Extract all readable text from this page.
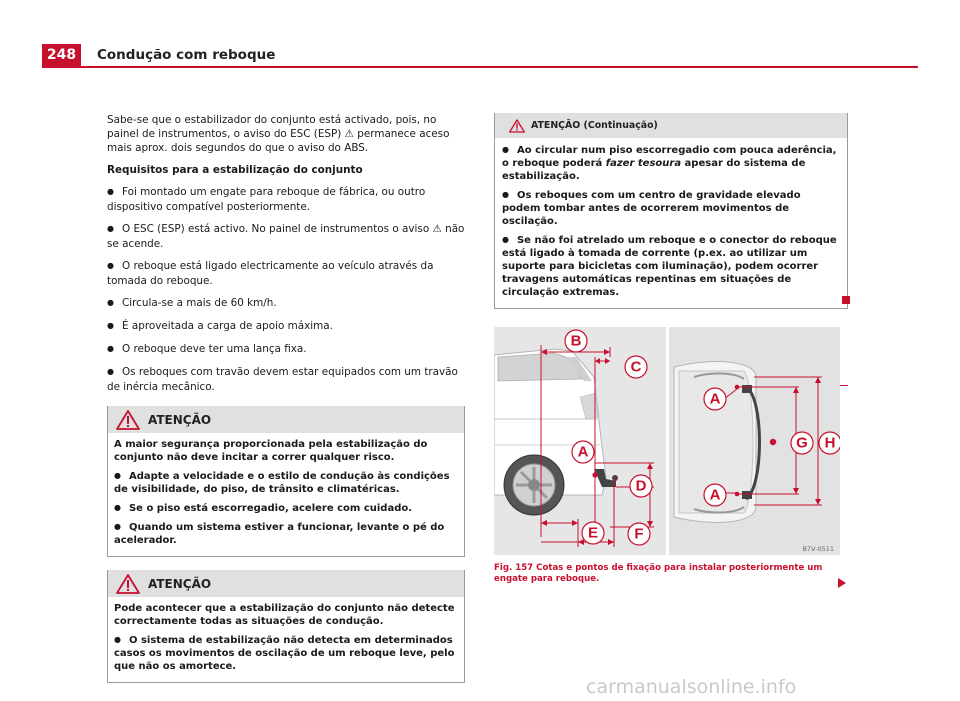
248	Condução com reboque

Sabe-se que o estabilizador do conjunto está activado, pois, no painel de instrumentos, o aviso do ESC (ESP) ⚠ permanece aceso mais aprox. dois segundos do que o aviso do ABS.

Requisitos para a estabilização do conjunto

● Foi montado um engate para reboque de fábrica, ou outro dispositivo compatível posteriormente.

● O ESC (ESP) está activo. No painel de instrumentos o aviso ⚠ não se acende.

● O reboque está ligado electricamente ao veículo através da tomada do reboque.

● Circula-se a mais de 60 km/h.

● É aproveitada a carga de apoio máxima.

● O reboque deve ter uma lança fixa.

● Os reboques com travão devem estar equipados com um travão de inércia mecânico.

ATENÇÃO

A maior segurança proporcionada pela estabilização do conjunto não deve incitar a correr qualquer risco.

● Adapte a velocidade e o estilo de condução às condições de visibilidade, do piso, de trânsito e climatéricas.

● Se o piso está escorregadio, acelere com cuidado.

● Quando um sistema estiver a funcionar, levante o pé do acelerador.

ATENÇÃO

Pode acontecer que a estabilização do conjunto não detecte correctamente todas as situações de condução.

● O sistema de estabilização não detecta em determinados casos os movimentos de oscilação de um reboque leve, pelo que não os amortece.

ATENÇÃO (Continuação)

● Ao circular num piso escorregadio com pouca aderência, o reboque poderá fazer tesoura apesar do sistema de estabilização.

● Os reboques com um centro de gravidade elevado podem tombar antes de ocorrerem movimentos de oscilação.

● Se não foi atrelado um reboque e o conector do reboque está ligado à tomada de corrente (p.ex. ao utilizar um suporte para bicicletas com iluminação), podem ocorrer travagens automáticas repentinas em situações de circulação extremas.

B
C
A
D
E F
A
A
G H
B7V-0511
Fig. 157 Cotas e pontos de fixação para instalar posteriormente um engate para reboque.
carmanualsonline.info
